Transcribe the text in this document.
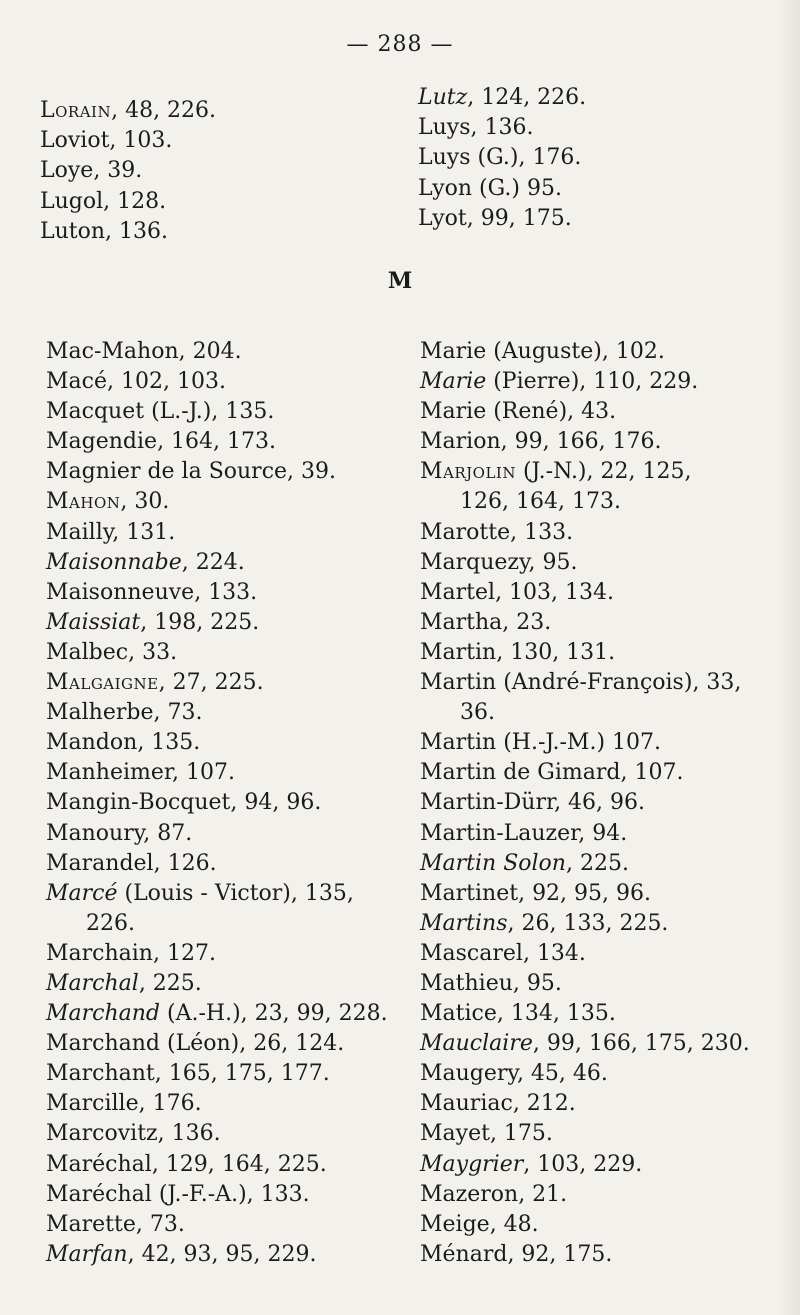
— 288 —
Lorain, 48, 226.
Loviot, 103.
Loye, 39.
Lugol, 128.
Luton, 136.
Lutz, 124, 226.
Luys, 136.
Luys (G.), 176.
Lyon (G.) 95.
Lyot, 99, 175.
M
Mac-Mahon, 204.
Macé, 102, 103.
Macquet (L.-J.), 135.
Magendie, 164, 173.
Magnier de la Source, 39.
Mahon, 30.
Mailly, 131.
Maisonnabe, 224.
Maisonneuve, 133.
Maissiat, 198, 225.
Malbec, 33.
Malgaigne, 27, 225.
Malherbe, 73.
Mandon, 135.
Manheimer, 107.
Mangin-Bocquet, 94, 96.
Manoury, 87.
Marandel, 126.
Marcé (Louis - Victor), 135,
226.
Marchain, 127.
Marchal, 225.
Marchand (A.-H.), 23, 99, 228.
Marchand (Léon), 26, 124.
Marchant, 165, 175, 177.
Marcille, 176.
Marcovitz, 136.
Maréchal, 129, 164, 225.
Maréchal (J.-F.-A.), 133.
Marette, 73.
Marfan, 42, 93, 95, 229.
Marie (Auguste), 102.
Marie (Pierre), 110, 229.
Marie (René), 43.
Marion, 99, 166, 176.
Marjolin (J.-N.), 22, 125,
126, 164, 173.
Marotte, 133.
Marquezy, 95.
Martel, 103, 134.
Martha, 23.
Martin, 130, 131.
Martin (André-François), 33,
36.
Martin (H.-J.-M.) 107.
Martin de Gimard, 107.
Martin-Dürr, 46, 96.
Martin-Lauzer, 94.
Martin Solon, 225.
Martinet, 92, 95, 96.
Martins, 26, 133, 225.
Mascarel, 134.
Mathieu, 95.
Matice, 134, 135.
Mauclaire, 99, 166, 175, 230.
Maugery, 45, 46.
Mauriac, 212.
Mayet, 175.
Maygrier, 103, 229.
Mazeron, 21.
Meige, 48.
Ménard, 92, 175.
